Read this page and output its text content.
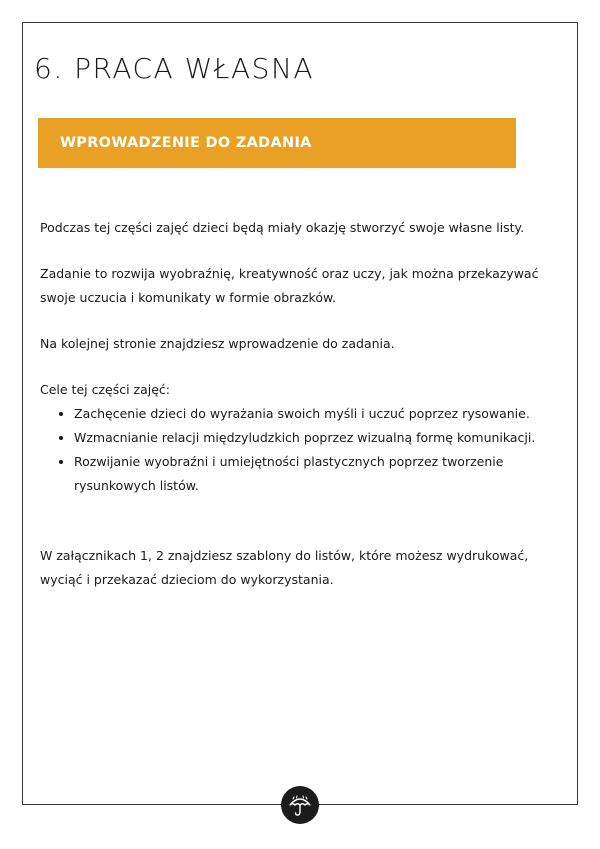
6. PRACA WŁASNA
WPROWADZENIE DO ZADANIA

Podczas tej części zajęć dzieci będą miały okazję stworzyć swoje własne listy.

Zadanie to rozwija wyobraźnię, kreatywność oraz uczy, jak można przekazywać swoje uczucia i komunikaty w formie obrazków.

Na kolejnej stronie znajdziesz wprowadzenie do zadania.

Cele tej części zajęć:

• Zachęcenie dzieci do wyrażania swoich myśli i uczuć poprzez rysowanie.
• Wzmacnianie relacji międzyludzkich poprzez wizualną formę komunikacji.
• Rozwijanie wyobraźni i umiejętności plastycznych poprzez tworzenie rysunkowych listów.

W załącznikach 1, 2 znajdziesz szablony do listów, które możesz wydrukować, wyciąć i przekazać dzieciom do wykorzystania.
